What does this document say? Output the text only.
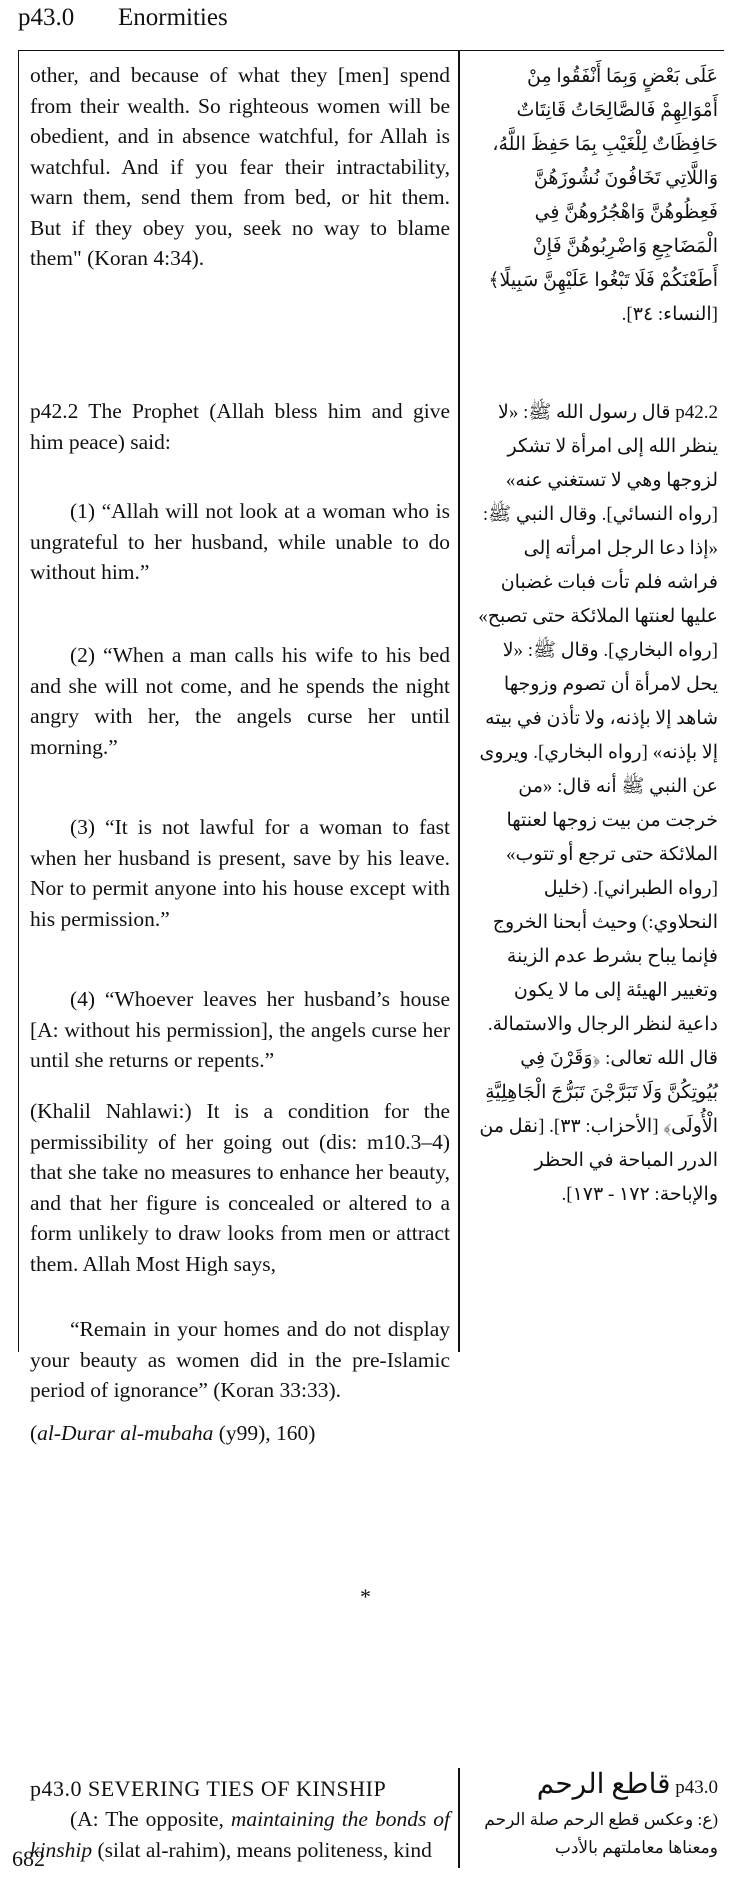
p43.0 Enormities
other, and because of what they [men] spend from their wealth. So righteous women will be obedient, and in absence watchful, for Allah is watchful. And if you fear their intractability, warn them, send them from bed, or hit them. But if they obey you, seek no way to blame them" (Koran 4:34).
p42.2 The Prophet (Allah bless him and give him peace) said:
(1) “Allah will not look at a woman who is ungrateful to her husband, while unable to do without him.”
(2) “When a man calls his wife to his bed and she will not come, and he spends the night angry with her, the angels curse her until morning.”
(3) “It is not lawful for a woman to fast when her husband is present, save by his leave. Nor to permit anyone into his house except with his permission.”
(4) “Whoever leaves her husband’s house [A: without his permission], the angels curse her until she returns or repents.”
(Khalil Nahlawi:) It is a condition for the permissibility of her going out (dis: m10.3–4) that she take no measures to enhance her beauty, and that her figure is concealed or altered to a form unlikely to draw looks from men or attract them. Allah Most High says,
“Remain in your homes and do not display your beauty as women did in the pre-Islamic period of ignorance” (Koran 33:33).
(al-Durar al-mubaha (y99), 160)
*
p43.0 SEVERING TIES OF KINSHIP
(A: The opposite, maintaining the bonds of kinship (silat al-rahim), means politeness, kind
عَلَى بَعْضٍ وَبِمَا أَنْفَقُوا مِنْ أَمْوَالِهِمْ فَالصَّالِحَاتُ قَانِتَاتٌ حَافِظَاتٌ لِلْغَيْبِ بِمَا حَفِظَ اللَّهُ، وَاللَّاتِي تَخَافُونَ نُشُوزَهُنَّ فَعِظُوهُنَّ وَاهْجُرُوهُنَّ فِي الْمَضَاجِعِ وَاضْرِبُوهُنَّ فَإِنْ أَطَعْنَكُمْ فَلَا تَبْغُوا عَلَيْهِنَّ سَبِيلًا﴾ [النساء: ٣٤].
p42.2 قال رسول الله ﷺ: «لا ينظر الله إلى امرأة لا تشكر لزوجها وهي لا تستغني عنه» [رواه النسائي]. وقال النبي ﷺ: «إذا دعا الرجل امرأته إلى فراشه فلم تأت فبات غضبان عليها لعنتها الملائكة حتى تصبح» [رواه البخاري]. وقال ﷺ: «لا يحل لامرأة أن تصوم وزوجها شاهد إلا بإذنه، ولا تأذن في بيته إلا بإذنه» [رواه البخاري]. ويروى عن النبي ﷺ أنه قال: «من خرجت من بيت زوجها لعنتها الملائكة حتى ترجع أو تتوب» [رواه الطبراني]. (خليل النحلاوي:) وحيث أبحنا الخروج فإنما يباح بشرط عدم الزينة وتغيير الهيئة إلى ما لا يكون داعية لنظر الرجال والاستمالة. قال الله تعالى: ﴿وَقَرْنَ فِي بُيُوتِكُنَّ وَلَا تَبَرَّجْنَ تَبَرُّجَ الْجَاهِلِيَّةِ الْأُولَى﴾ [الأحزاب: ٣٣]. [نقل من الدرر المباحة في الحظر والإباحة: ١٧٢ - ١٧٣].
p43.0 قاطع الرحم
(ع: وعكس قطع الرحم صلة الرحم ومعناها معاملتهم بالأدب
682
